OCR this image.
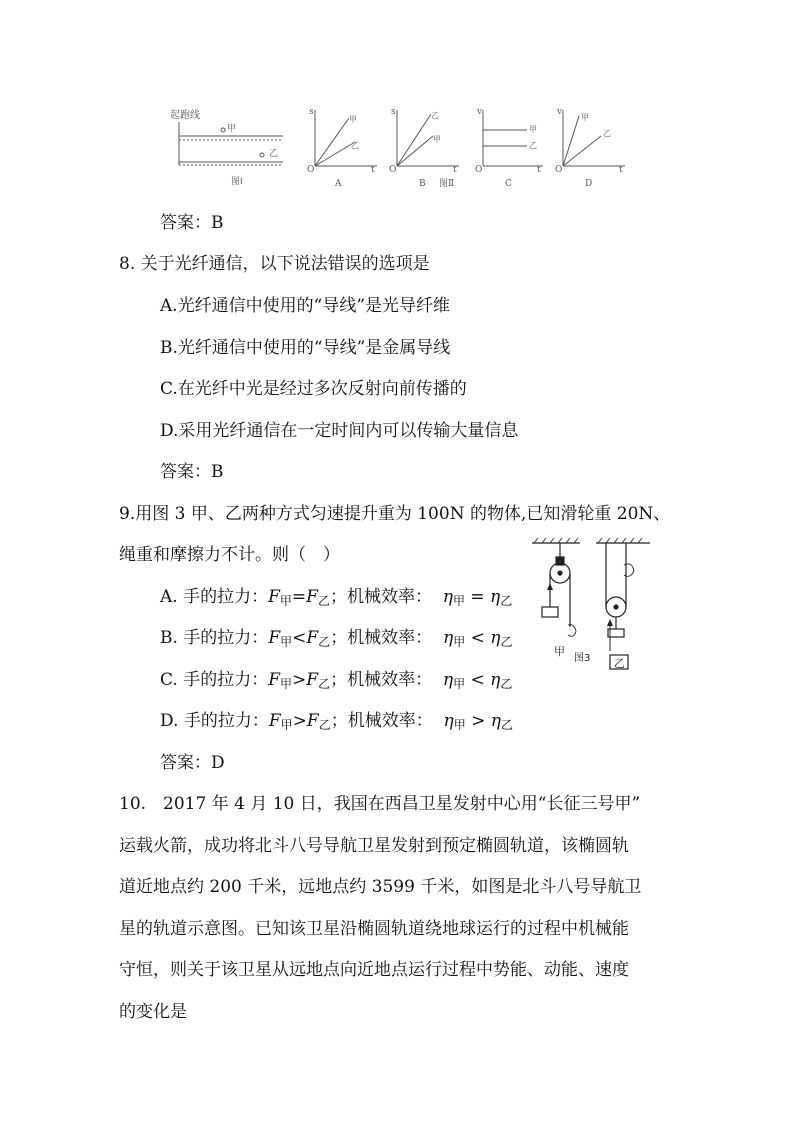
起跑线
甲
乙
图Ⅰ
s
O	t
甲
乙
A
s
O	t
乙
甲
B 图Ⅱ
v
O	t
甲
乙
C
v
O	t
甲
乙
D
答案：B
8. 关于光纤通信，以下说法错误的选项是
A.光纤通信中使用的“导线”是光导纤维
B.光纤通信中使用的“导线”是金属导线
C.在光纤中光是经过多次反射向前传播的
D.采用光纤通信在一定时间内可以传输大量信息
答案：B
9.用图 3 甲、乙两种方式匀速提升重为 100N 的物体,已知滑轮重 20N、
绳重和摩擦力不计。则（　）
A. 手的拉力：$F_甲=F_乙$；机械效率： $\eta_甲 = \eta_乙$
B. 手的拉力：$F_甲<F_乙$；机械效率： $\eta_甲 < \eta_乙$
C. 手的拉力：$F_甲>F_乙$；机械效率： $\eta_甲 < \eta_乙$
D. 手的拉力：$F_甲>F_乙$；机械效率： $\eta_甲 > \eta_乙$
甲
乙
图3
答案：D
10.　2017 年 4 月 10 日，我国在西昌卫星发射中心用“长征三号甲”
运载火箭，成功将北斗八号导航卫星发射到预定椭圆轨道，该椭圆轨
道近地点约 200 千米，远地点约 3599 千米，如图是北斗八号导航卫
星的轨道示意图。已知该卫星沿椭圆轨道绕地球运行的过程中机械能
守恒，则关于该卫星从远地点向近地点运行过程中势能、动能、速度
的变化是
